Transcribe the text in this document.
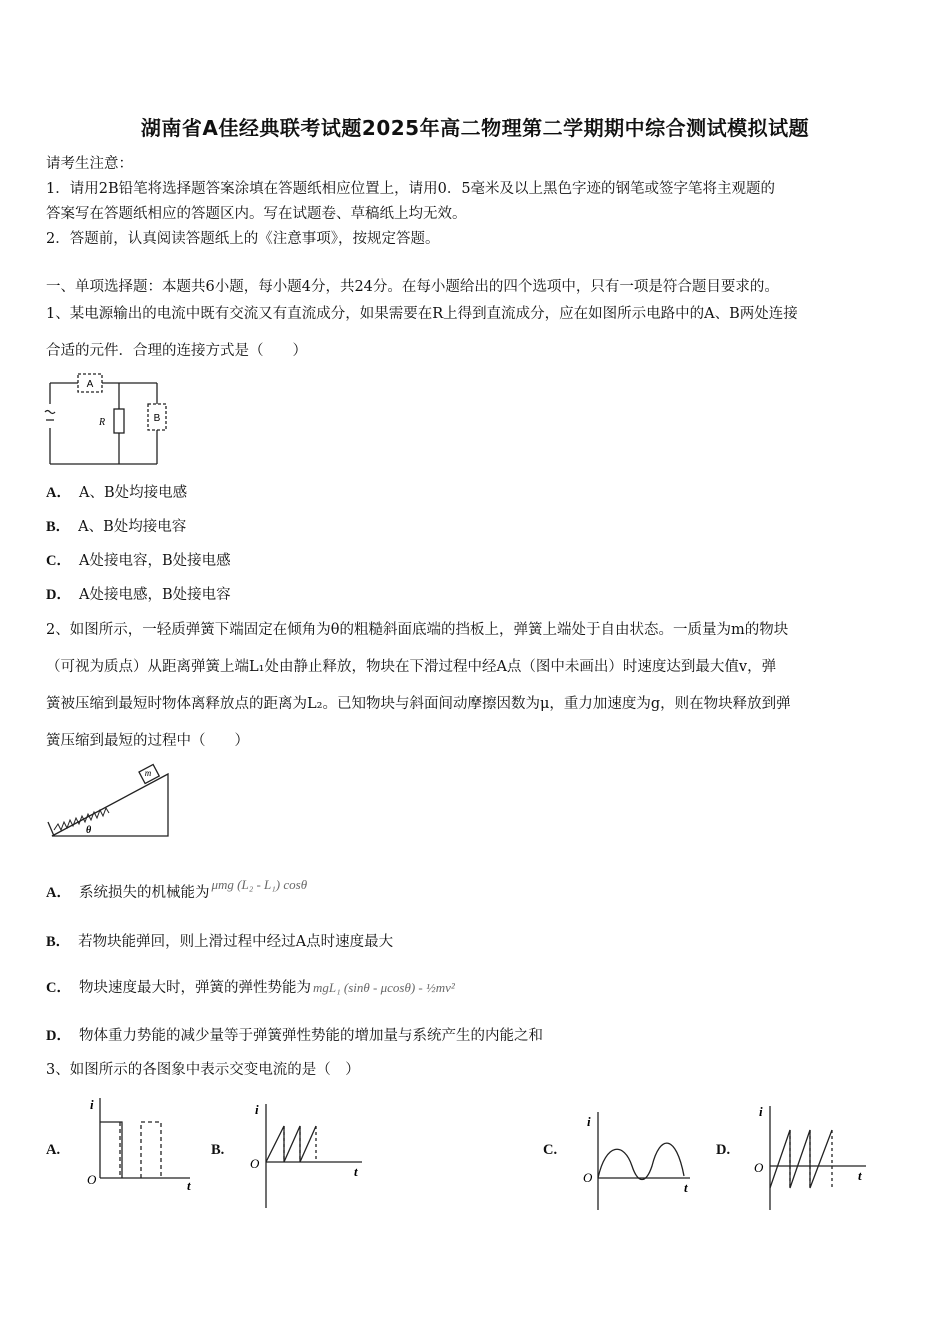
湖南省A佳经典联考试题2025年高二物理第二学期期中综合测试模拟试题
请考生注意：
1．请用2B铅笔将选择题答案涂填在答题纸相应位置上，请用0．5毫米及以上黑色字迹的钢笔或签字笔将主观题的
答案写在答题纸相应的答题区内。写在试题卷、草稿纸上均无效。
2．答题前，认真阅读答题纸上的《注意事项》，按规定答题。
一、单项选择题：本题共6小题，每小题4分，共24分。在每小题给出的四个选项中，只有一项是符合题目要求的。
1、某电源输出的电流中既有交流又有直流成分，如果需要在R上得到直流成分，应在如图所示电路中的A、B两处连接
合适的元件．合理的连接方式是（　　）
A
B
R
A． A、B处均接电感
B． A、B处均接电容
C． A处接电容，B处接电感
D． A处接电感，B处接电容
2、如图所示，一轻质弹簧下端固定在倾角为θ的粗糙斜面底端的挡板上，弹簧上端处于自由状态。一质量为m的物块
（可视为质点）从距离弹簧上端L₁处由静止释放，物块在下滑过程中经A点（图中未画出）时速度达到最大值v，弹
簧被压缩到最短时物体离释放点的距离为L₂。已知物块与斜面间动摩擦因数为μ，重力加速度为g，则在物块释放到弹
簧压缩到最短的过程中（　　）
m
θ
A． 系统损失的机械能为μmg (L₂ - L₁) cosθ
B． 若物块能弹回，则上滑过程中经过A点时速度最大
C． 物块速度最大时，弹簧的弹性势能为 mgL₁ (sinθ - μcosθ) - ½mv²
D． 物体重力势能的减少量等于弹簧弹性势能的增加量与系统产生的内能之和
3、如图所示的各图象中表示交变电流的是（　）
A.
i
t
O
B.
i
t
O
C.
i
t
O
D.
i
t
O
